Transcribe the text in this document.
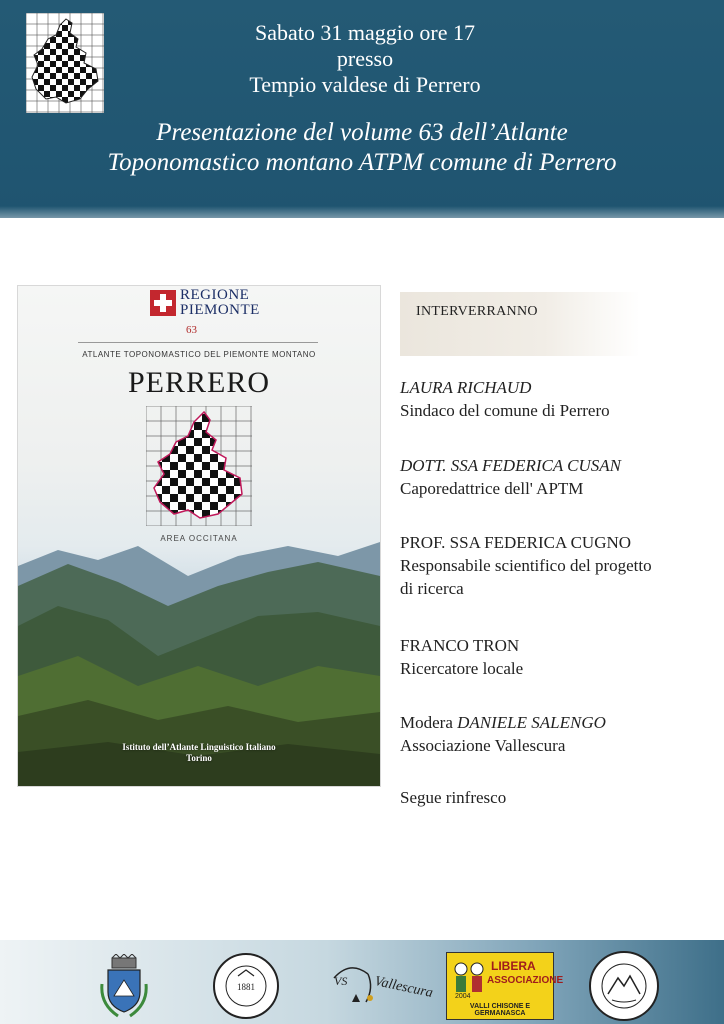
Sabato 31 maggio ore 17
presso
Tempio valdese di Perrero
Presentazione del volume 63 dell’Atlante
Toponomastico montano ATPM comune di Perrero
REGIONE
PIEMONTE
63
ATLANTE TOPONOMASTICO DEL PIEMONTE MONTANO
PERRERO
AREA OCCITANA
Istituto dell’Atlante Linguistico Italiano
Torino
INTERVERRANNO
LAURA RICHAUD
Sindaco del comune di Perrero
DOTT. SSA FEDERICA CUSAN
Caporedattrice dell' APTM
PROF. SSA FEDERICA CUGNO
Responsabile scientifico del progetto
di ricerca
FRANCO TRON
Ricercatore locale
Modera DANIELE SALENGO
Associazione Vallescura
Segue rinfresco
1881	VS Vallescura
LIBERA
ASSOCIAZIONE
2004
VALLI CHISONE E GERMANASCA
